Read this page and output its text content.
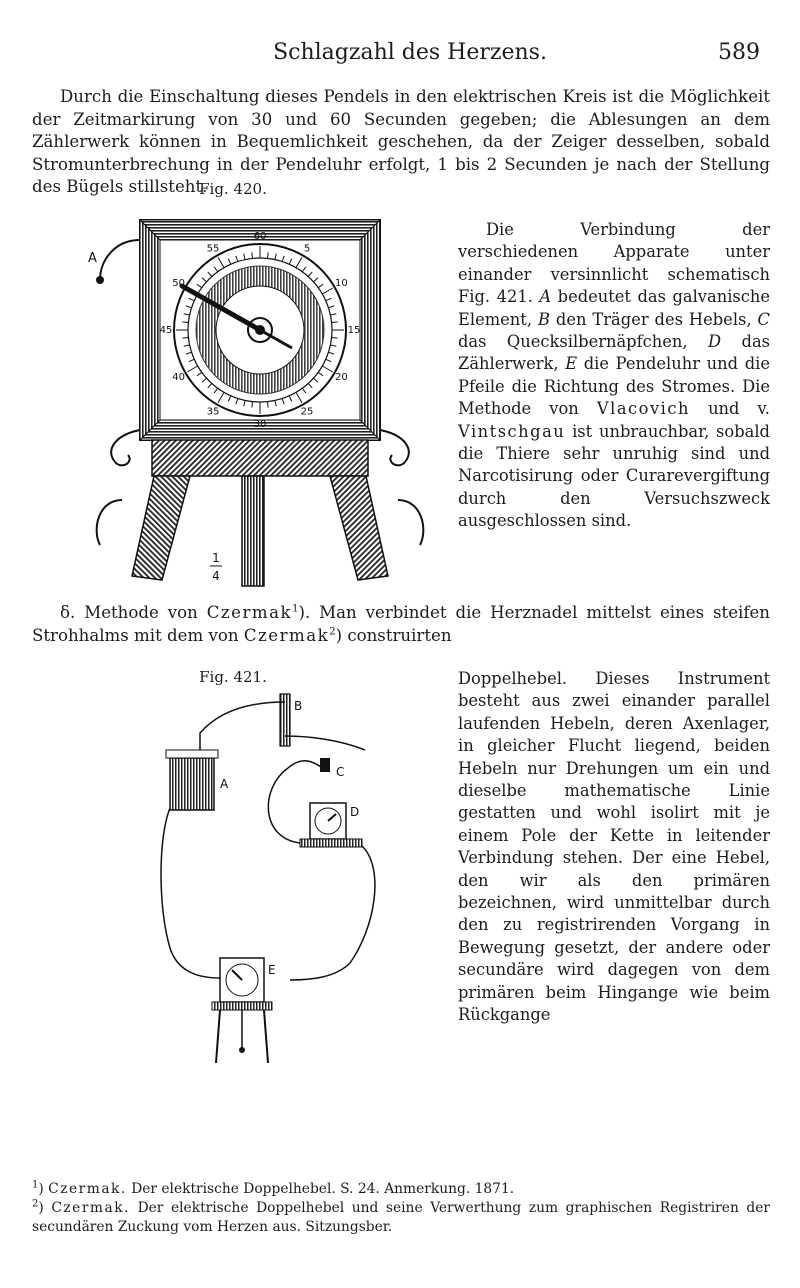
Schlagzahl des Herzens.	589

Durch die Einschaltung dieses Pendels in den elektrischen Kreis ist die Möglichkeit der Zeitmarkirung von 30 und 60 Secunden gegeben; die Ablesungen an dem Zählerwerk können in Bequemlichkeit geschehen, da der Zeiger desselben, sobald Stromunterbrechung in der Pendeluhr erfolgt, 1 bis 2 Secunden je nach der Stellung des Bügels stillsteht.

Fig. 420.
60
5
10
15
20
25
30
35
40
45
50
55
A
1
4

Die Verbindung der verschiedenen Apparate unter einander versinnlicht schematisch Fig. 421. A bedeutet das galvanische Element, B den Träger des Hebels, C das Quecksilbernäpfchen, D das Zählerwerk, E die Pendeluhr und die Pfeile die Richtung des Stromes. Die Methode von Vlacovich und v. Vintschgau ist unbrauchbar, sobald die Thiere sehr unruhig sind und Narcotisirung oder Curarevergiftung durch den Versuchszweck ausgeschlossen sind.

Fig. 421.
A
B
C
D
E

δ. Methode von Czermak$^1$). Man verbindet die Herznadel mittelst eines steifen Strohhalms mit dem von Czermak$^2$) construirten

Doppelhebel. Dieses Instrument besteht aus zwei einander parallel laufenden Hebeln, deren Axenlager, in gleicher Flucht liegend, beiden Hebeln nur Drehungen um ein und dieselbe mathematische Linie gestatten und wohl isolirt mit je einem Pole der Kette in leitender Verbindung stehen. Der eine Hebel, den wir als den primären bezeichnen, wird unmittelbar durch den zu registrirenden Vorgang in Bewegung gesetzt, der andere oder secundäre wird dagegen von dem primären beim Hingange wie beim Rückgange

$^1$) Czermak. Der elektrische Doppelhebel. S. 24. Anmerkung. 1871.

$^2$) Czermak. Der elektrische Doppelhebel und seine Verwerthung zum graphischen Registriren der secundären Zuckung vom Herzen aus. Sitzungsber.
